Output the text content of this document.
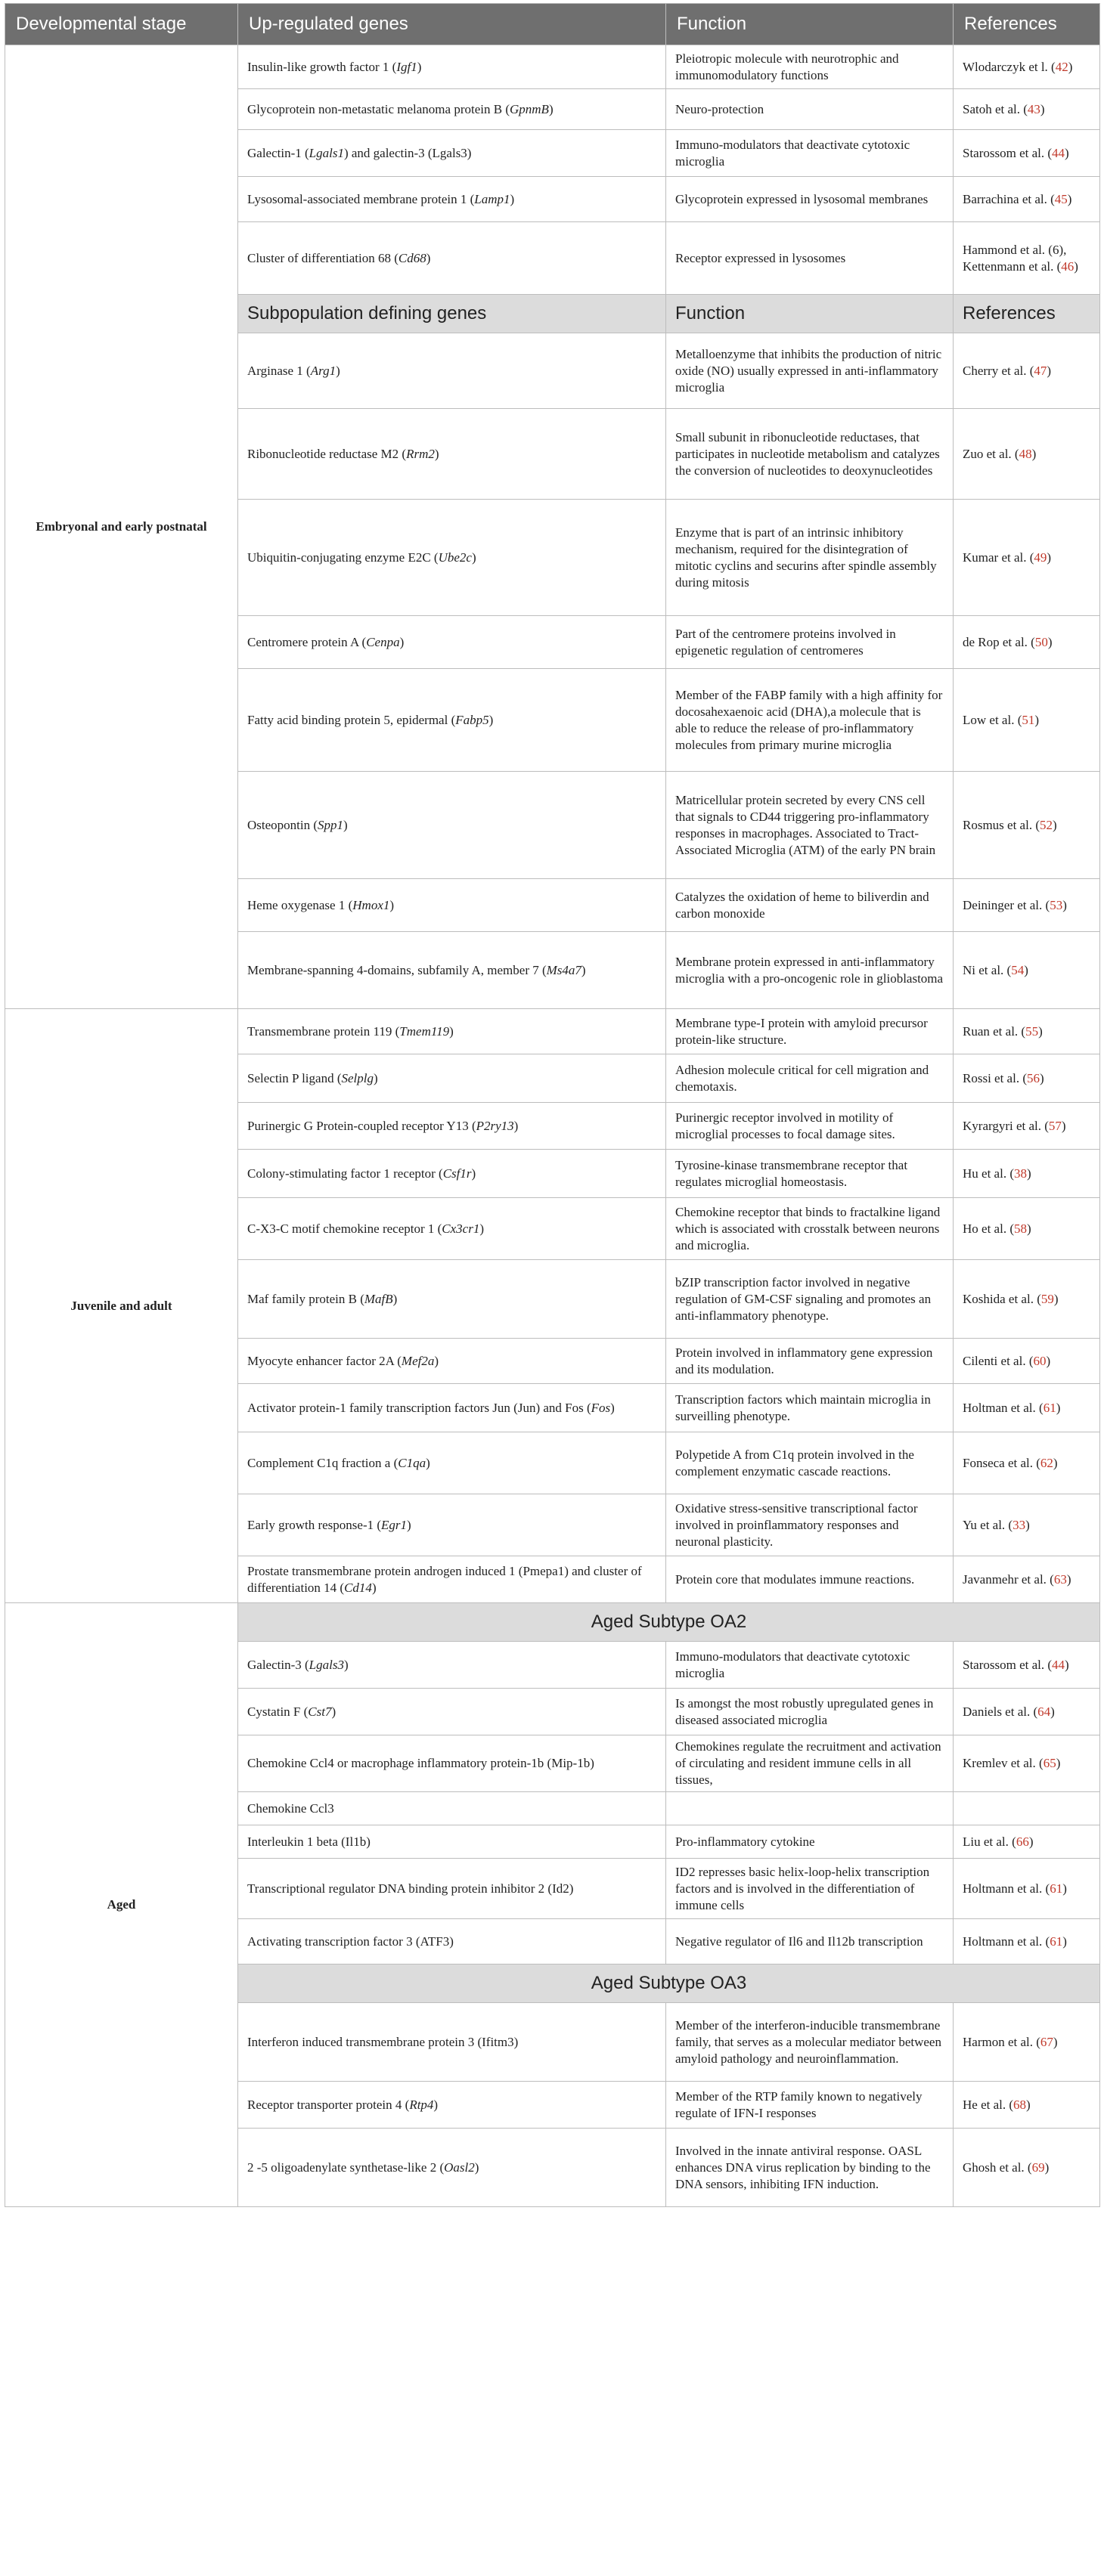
Developmental stage	Up-regulated genes	Function	References
Embryonal and early postnatal	Insulin-like growth factor 1 (Igf1)	Pleiotropic molecule with neurotrophic and immunomodulatory functions	Wlodarczyk et l. (42)
	Glycoprotein non-metastatic melanoma protein B (GpnmB)	Neuro-protection	Satoh et al. (43)
	Galectin-1 (Lgals1) and galectin-3 (Lgals3)	Immuno-modulators that deactivate cytotoxic microglia	Starossom et al. (44)
	Lysosomal-associated membrane protein 1 (Lamp1)	Glycoprotein expressed in lysosomal membranes	Barrachina et al. (45)
	Cluster of differentiation 68 (Cd68)	Receptor expressed in lysosomes	Hammond et al. (6), Kettenmann et al. (46)
	Subpopulation defining genes	Function	References
	Arginase 1 (Arg1)	Metalloenzyme that inhibits the production of nitric oxide (NO) usually expressed in anti-inflammatory microglia	Cherry et al. (47)
	Ribonucleotide reductase M2 (Rrm2)	Small subunit in ribonucleotide reductases, that participates in nucleotide metabolism and catalyzes the conversion of nucleotides to deoxynucleotides	Zuo et al. (48)
	Ubiquitin-conjugating enzyme E2C (Ube2c)	Enzyme that is part of an intrinsic inhibitory mechanism, required for the disintegration of mitotic cyclins and securins after spindle assembly during mitosis	Kumar et al. (49)
	Centromere protein A (Cenpa)	Part of the centromere proteins involved in epigenetic regulation of centromeres	de Rop et al. (50)
	Fatty acid binding protein 5, epidermal (Fabp5)	Member of the FABP family with a high affinity for docosahexaenoic acid (DHA),a molecule that is able to reduce the release of pro-inflammatory molecules from primary murine microglia	Low et al. (51)
	Osteopontin (Spp1)	Matricellular protein secreted by every CNS cell that signals to CD44 triggering pro-inflammatory responses in macrophages. Associated to Tract-Associated Microglia (ATM) of the early PN brain	Rosmus et al. (52)
	Heme oxygenase 1 (Hmox1)	Catalyzes the oxidation of heme to biliverdin and carbon monoxide	Deininger et al. (53)
	Membrane-spanning 4-domains, subfamily A, member 7 (Ms4a7)	Membrane protein expressed in anti-inflammatory microglia with a pro-oncogenic role in glioblastoma	Ni et al. (54)
Juvenile and adult	Transmembrane protein 119 (Tmem119)	Membrane type-I protein with amyloid precursor protein-like structure.	Ruan et al. (55)
	Selectin P ligand (Selplg)	Adhesion molecule critical for cell migration and chemotaxis.	Rossi et al. (56)
	Purinergic G Protein-coupled receptor Y13 (P2ry13)	Purinergic receptor involved in motility of microglial processes to focal damage sites.	Kyrargyri et al. (57)
	Colony-stimulating factor 1 receptor (Csf1r)	Tyrosine-kinase transmembrane receptor that regulates microglial homeostasis.	Hu et al. (38)
	C-X3-C motif chemokine receptor 1 (Cx3cr1)	Chemokine receptor that binds to fractalkine ligand which is associated with crosstalk between neurons and microglia.	Ho et al. (58)
	Maf family protein B (MafB)	bZIP transcription factor involved in negative regulation of GM-CSF signaling and promotes an anti-inflammatory phenotype.	Koshida et al. (59)
	Myocyte enhancer factor 2A (Mef2a)	Protein involved in inflammatory gene expression and its modulation.	Cilenti et al. (60)
	Activator protein-1 family transcription factors Jun (Jun) and Fos (Fos)	Transcription factors which maintain microglia in surveilling phenotype.	Holtman et al. (61)
	Complement C1q fraction a (C1qa)	Polypetide A from C1q protein involved in the complement enzymatic cascade reactions.	Fonseca et al. (62)
	Early growth response-1 (Egr1)	Oxidative stress-sensitive transcriptional factor involved in proinflammatory responses and neuronal plasticity.	Yu et al. (33)
	Prostate transmembrane protein androgen induced 1 (Pmepa1) and cluster of differentiation 14 (Cd14)	Protein core that modulates immune reactions.	Javanmehr et al. (63)
Aged	Aged Subtype OA2		
	Galectin-3 (Lgals3)	Immuno-modulators that deactivate cytotoxic microglia	Starossom et al. (44)
	Cystatin F (Cst7)	Is amongst the most robustly upregulated genes in diseased associated microglia	Daniels et al. (64)
	Chemokine Ccl4 or macrophage inflammatory protein-1b (Mip-1b)	Chemokines regulate the recruitment and activation of circulating and resident immune cells in all tissues,	Kremlev et al. (65)
	Chemokine Ccl3		
	Interleukin 1 beta (Il1b)	Pro-inflammatory cytokine	Liu et al. (66)
	Transcriptional regulator DNA binding protein inhibitor 2 (Id2)	ID2 represses basic helix-loop-helix transcription factors and is involved in the differentiation of immune cells	Holtmann et al. (61)
	Activating transcription factor 3 (ATF3)	Negative regulator of Il6 and Il12b transcription	Holtmann et al. (61)
	Aged Subtype OA3		
	Interferon induced transmembrane protein 3 (Ifitm3)	Member of the interferon-inducible transmembrane family, that serves as a molecular mediator between amyloid pathology and neuroinflammation.	Harmon et al. (67)
	Receptor transporter protein 4 (Rtp4)	Member of the RTP family known to negatively regulate of IFN-I responses	He et al. (68)
	2 -5 oligoadenylate synthetase-like 2 (Oasl2)	Involved in the innate antiviral response. OASL enhances DNA virus replication by binding to the DNA sensors, inhibiting IFN induction.	Ghosh et al. (69)
